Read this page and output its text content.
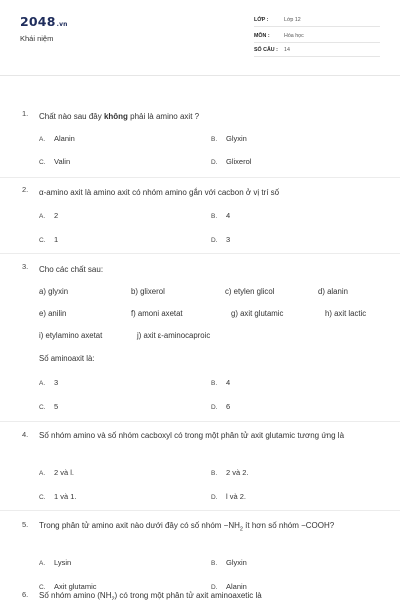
2048.vn
Khái niệm
LỚP :	Lớp 12
MÔN :	Hóa học
SỐ CÂU : 14
1. Chất nào sau đây không phải là amino axit ?
A. Alanin	B. Glyxin
C. Valin	D. Glixerol
2. α-amino axit là amino axit có nhóm amino gắn với cacbon ở vị trí số
A. 2	B. 4
C. 1	D. 3
3. Cho các chất sau:
a) glyxin	b) glixerol	c) etylen glicol	d) alanin
e) anilin	f) amoni axetat	g) axit glutamic	h) axit lactic
i) etylamino axetat	j) axit ε-aminocaproic
Số aminoaxit là:
A. 3	B. 4
C. 5	D. 6
4. Số nhóm amino và số nhóm cacboxyl có trong một phân tử axit glutamic tương ứng là
A. 2 và l.	B. 2 và 2.
C. 1 và 1.	D. l và 2.
5. Trong phân tử amino axit nào dưới đây có số nhóm $-NH_2$ ít hơn số nhóm −COOH?
A. Lysin	B. Glyxin
C. Axit glutamic	D. Alanin
6. Số nhóm amino $(NH_2)$ có trong một phân tử axit aminoaxetic là
